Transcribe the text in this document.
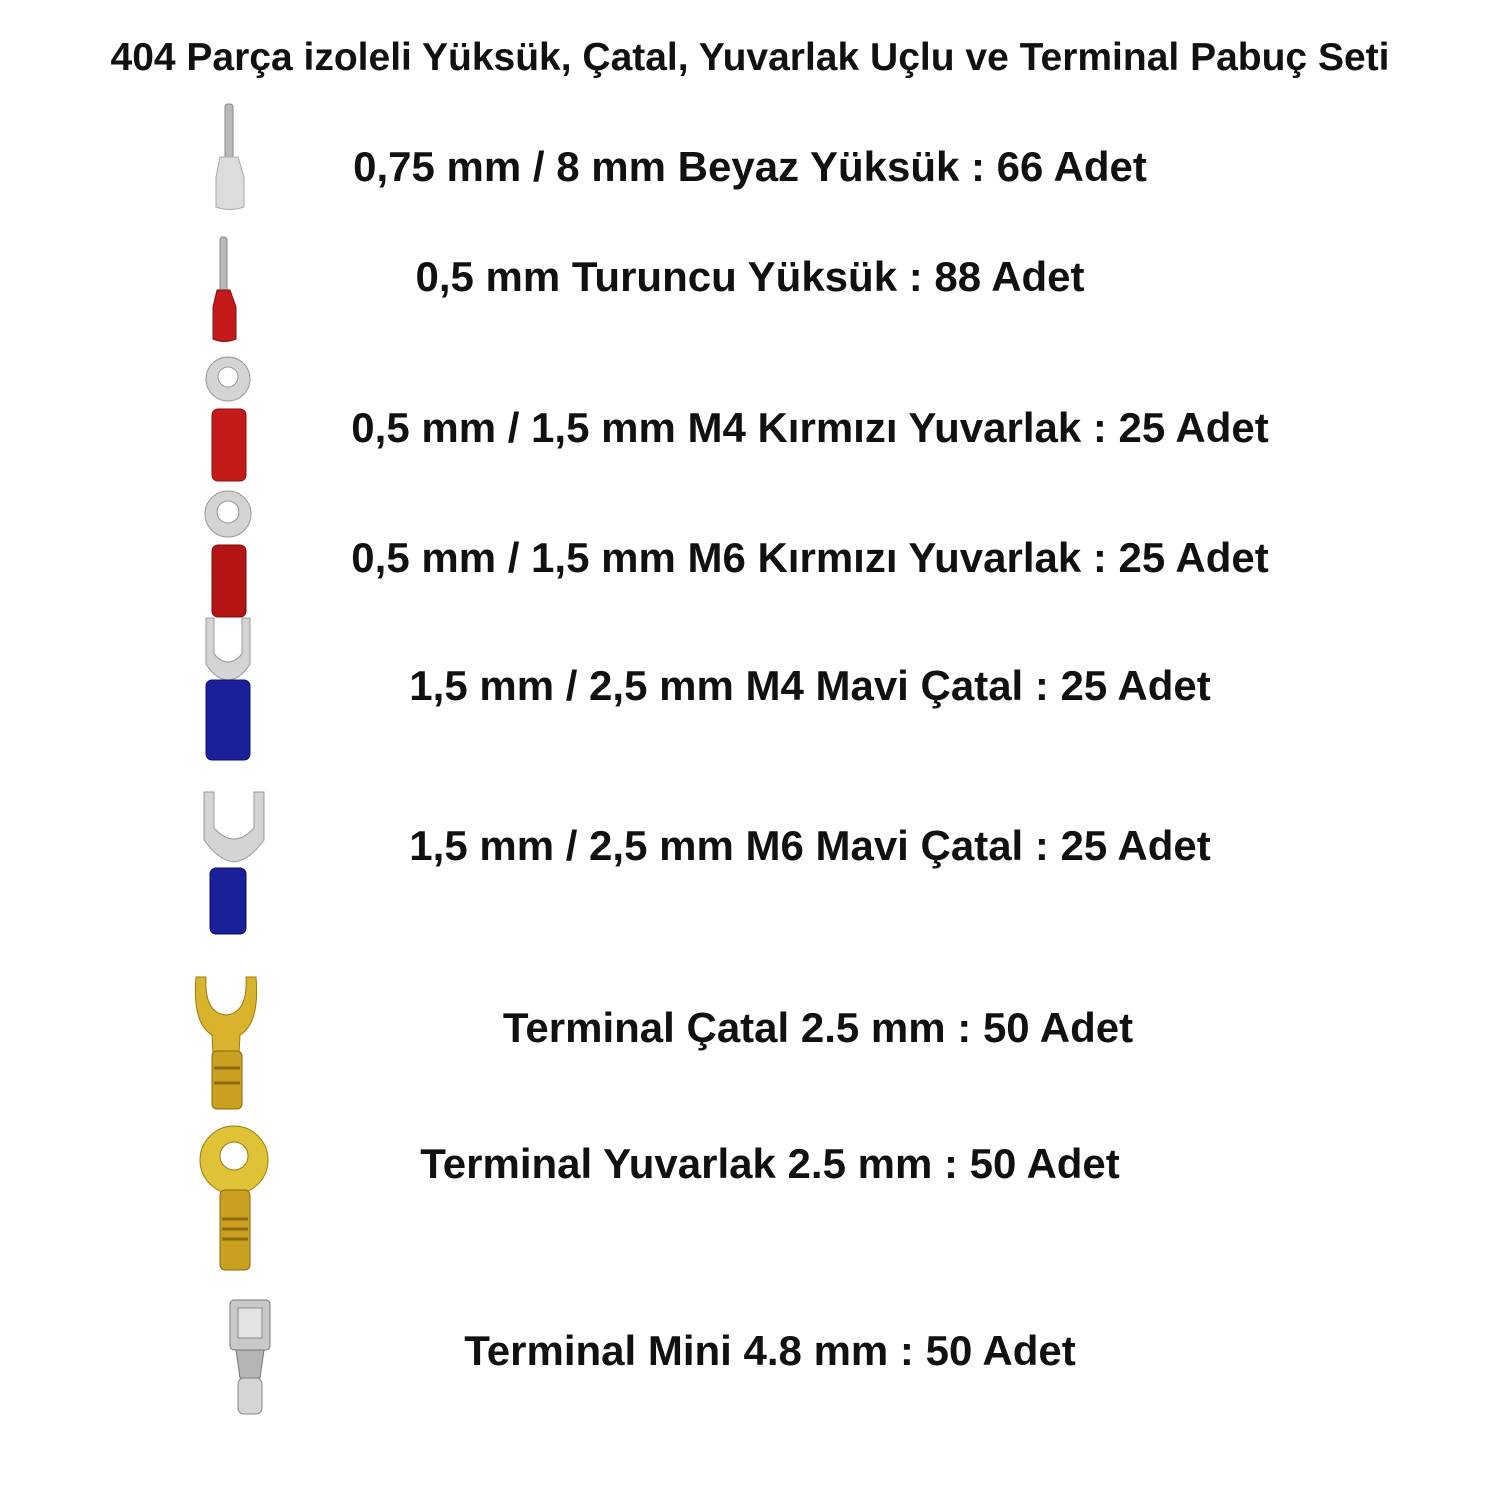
404 Parça izoleli Yüksük, Çatal, Yuvarlak Uçlu ve Terminal Pabuç Seti
0,75 mm / 8 mm Beyaz Yüksük : 66 Adet
0,5 mm Turuncu Yüksük : 88 Adet
0,5 mm / 1,5 mm M4 Kırmızı Yuvarlak : 25 Adet
0,5 mm / 1,5 mm M6 Kırmızı Yuvarlak : 25 Adet
1,5 mm / 2,5 mm M4 Mavi Çatal : 25 Adet
1,5 mm / 2,5 mm M6 Mavi Çatal : 25 Adet
Terminal Çatal 2.5 mm : 50 Adet
Terminal Yuvarlak 2.5 mm : 50 Adet
Terminal Mini 4.8 mm : 50 Adet
